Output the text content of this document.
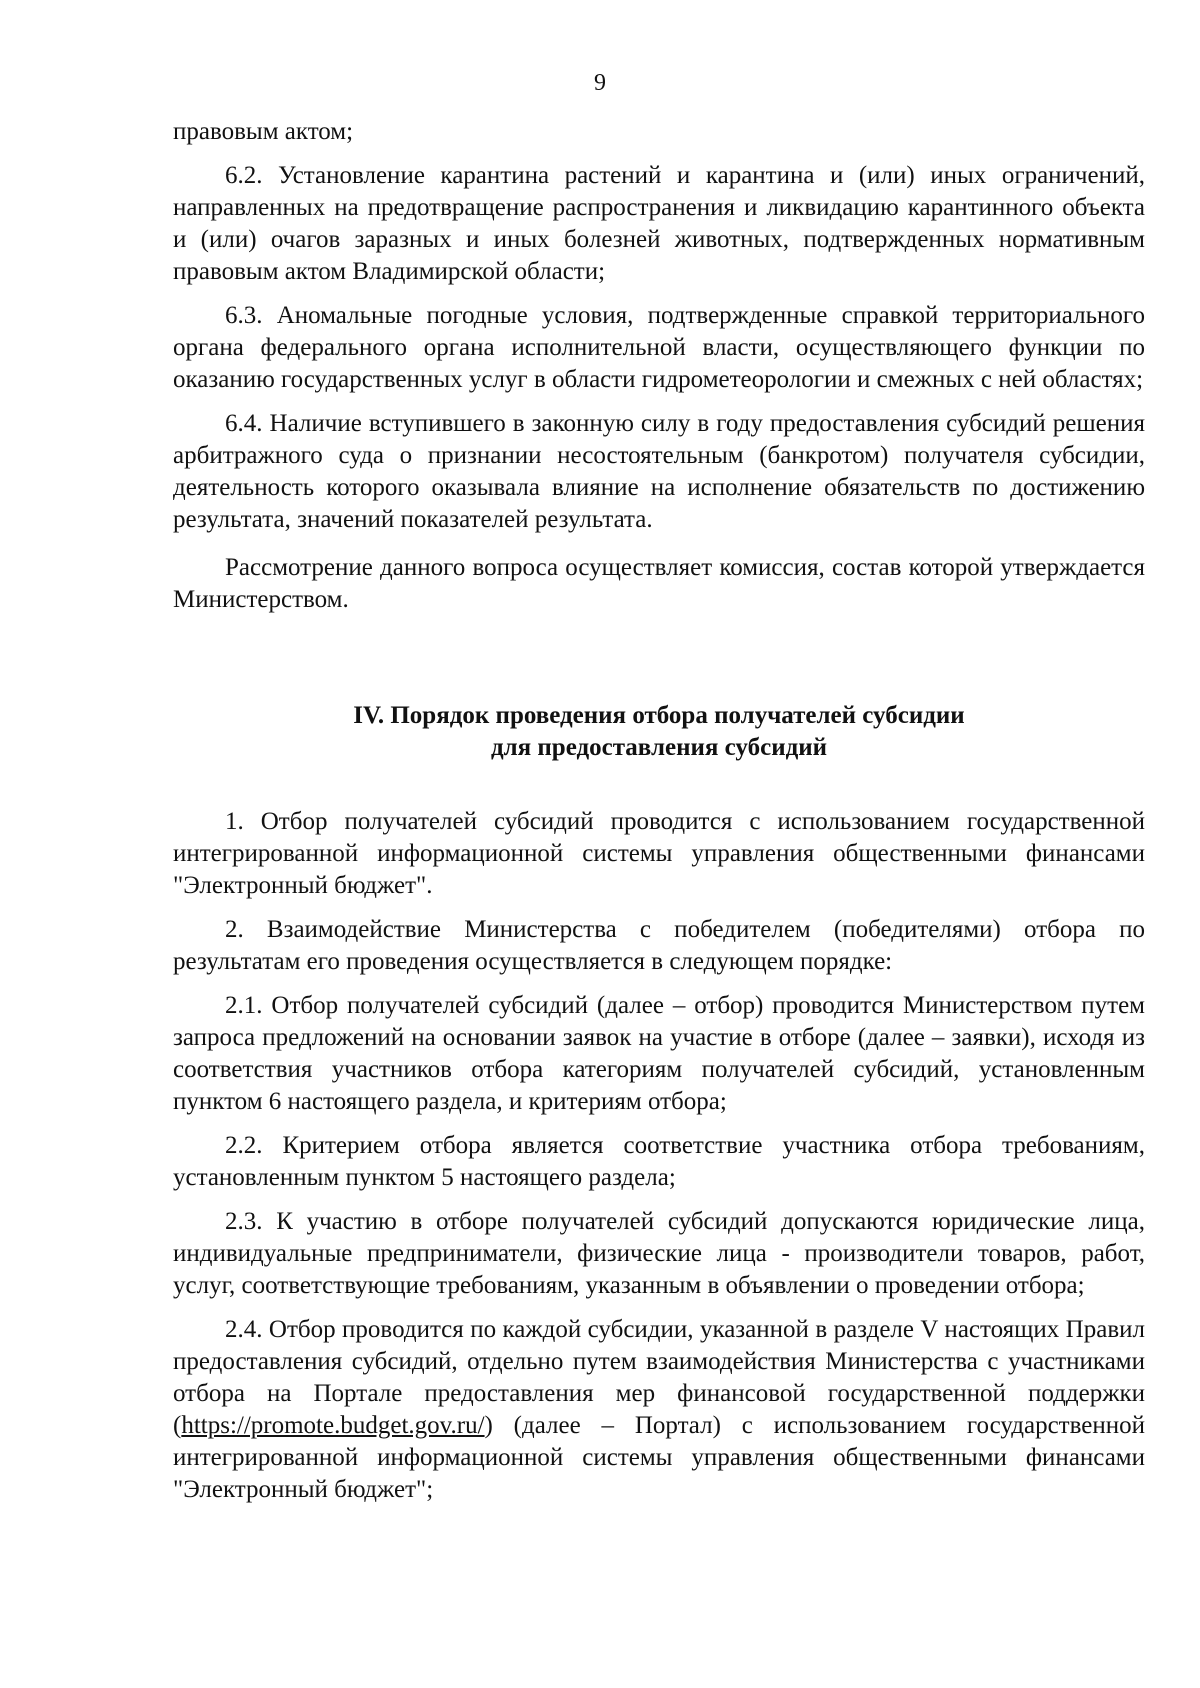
9

правовым актом;

6.2. Установление карантина растений и карантина и (или) иных ограничений, направленных на предотвращение распространения и ликвидацию карантинного объекта и (или) очагов заразных и иных болезней животных, подтвержденных нормативным правовым актом Владимирской области;

6.3. Аномальные погодные условия, подтвержденные справкой территориального органа федерального органа исполнительной власти, осуществляющего функции по оказанию государственных услуг в области гидрометеорологии и смежных с ней областях;

6.4. Наличие вступившего в законную силу в году предоставления субсидий решения арбитражного суда о признании несостоятельным (банкротом) получателя субсидии, деятельность которого оказывала влияние на исполнение обязательств по достижению результата, значений показателей результата.

Рассмотрение данного вопроса осуществляет комиссия, состав которой утверждается Министерством.

IV. Порядок проведения отбора получателей субсидии
для предоставления субсидий

1. Отбор получателей субсидий проводится с использованием государственной интегрированной информационной системы управления общественными финансами "Электронный бюджет".

2. Взаимодействие Министерства с победителем (победителями) отбора по результатам его проведения осуществляется в следующем порядке:

2.1. Отбор получателей субсидий (далее – отбор) проводится Министерством путем запроса предложений на основании заявок на участие в отборе (далее – заявки), исходя из соответствия участников отбора категориям получателей субсидий, установленным пунктом 6 настоящего раздела, и критериям отбора;

2.2. Критерием отбора является соответствие участника отбора требованиям, установленным пунктом 5 настоящего раздела;

2.3. К участию в отборе получателей субсидий допускаются юридические лица, индивидуальные предприниматели, физические лица - производители товаров, работ, услуг, соответствующие требованиям, указанным в объявлении о проведении отбора;

2.4. Отбор проводится по каждой субсидии, указанной в разделе V настоящих Правил предоставления субсидий, отдельно путем взаимодействия Министерства с участниками отбора на Портале предоставления мер финансовой государственной поддержки (https://promote.budget.gov.ru/) (далее – Портал) с использованием государственной интегрированной информационной системы управления общественными финансами "Электронный бюджет";
